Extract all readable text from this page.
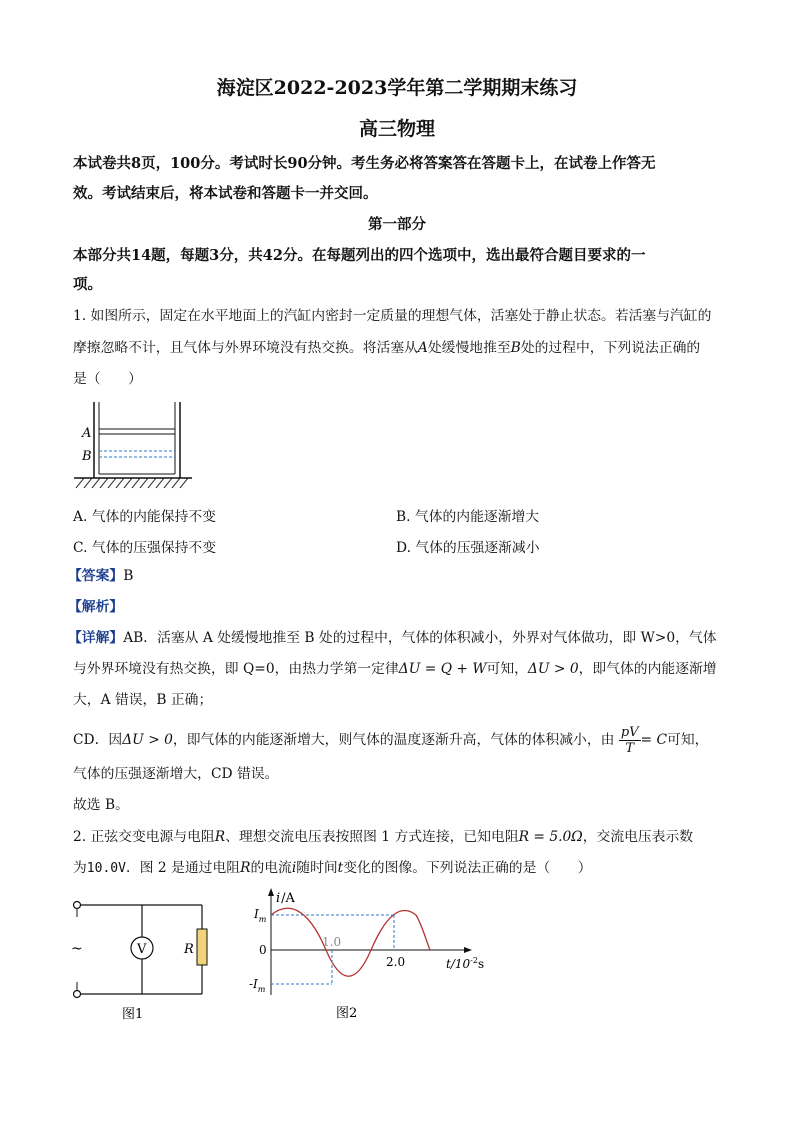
海淀区2022-2023学年第二学期期末练习
高三物理
本试卷共8页，100分。考试时长90分钟。考生务必将答案答在答题卡上，在试卷上作答无
效。考试结束后，将本试卷和答题卡一并交回。
第一部分
本部分共14题，每题3分，共42分。在每题列出的四个选项中，选出最符合题目要求的一
项。
1. 如图所示，固定在水平地面上的汽缸内密封一定质量的理想气体，活塞处于静止状态。若活塞与汽缸的
摩擦忽略不计，且气体与外界环境没有热交换。将活塞从A处缓慢地推至B处的过程中，下列说法正确的
是（　　）
A
B
A. 气体的内能保持不变	B. 气体的内能逐渐增大
C. 气体的压强保持不变	D. 气体的压强逐渐减小
【答案】B
【解析】
【详解】AB．活塞从 A 处缓慢地推至 B 处的过程中，气体的体积减小，外界对气体做功，即 W>0，气体
与外界环境没有热交换，即 Q=0，由热力学第一定律ΔU = Q + W可知，ΔU > 0，即气体的内能逐渐增
大，A 错误，B 正确；
CD．因ΔU > 0，即气体的内能逐渐增大，则气体的温度逐渐升高，气体的体积减小，由 $\frac{pV}{T} = C$可知，
气体的压强逐渐增大，CD 错误。
故选 B。
2. 正弦交变电源与电阻R、理想交流电压表按照图 1 方式连接，已知电阻R = 5.0Ω，交流电压表示数
为10.0V．图 2 是通过电阻R的电流i随时间t变化的图像。下列说法正确的是（　　）
~	V	R
图1
i/A
$I_m$
0
$-I_m$
1.0
2.0	$t/10^{-2}s$
图2
